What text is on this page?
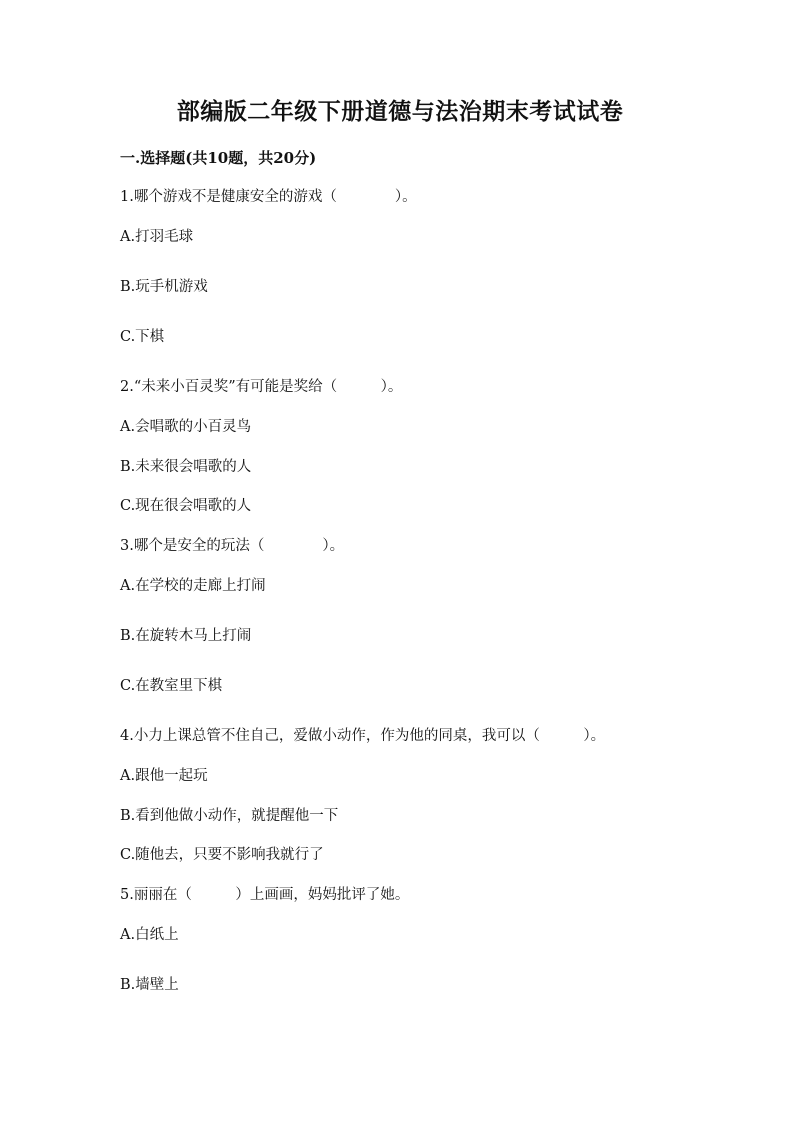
部编版二年级下册道德与法治期末考试试卷
一.选择题(共10题，共20分)
1.哪个游戏不是健康安全的游戏（　　　　）。
A.打羽毛球
B.玩手机游戏
C.下棋
2.“未来小百灵奖”有可能是奖给（　　　）。
A.会唱歌的小百灵鸟
B.未来很会唱歌的人
C.现在很会唱歌的人
3.哪个是安全的玩法（　　　　）。
A.在学校的走廊上打闹
B.在旋转木马上打闹
C.在教室里下棋
4.小力上课总管不住自己，爱做小动作，作为他的同桌，我可以（　　　）。
A.跟他一起玩
B.看到他做小动作，就提醒他一下
C.随他去，只要不影响我就行了
5.丽丽在（　　　）上画画，妈妈批评了她。
A.白纸上
B.墙壁上
